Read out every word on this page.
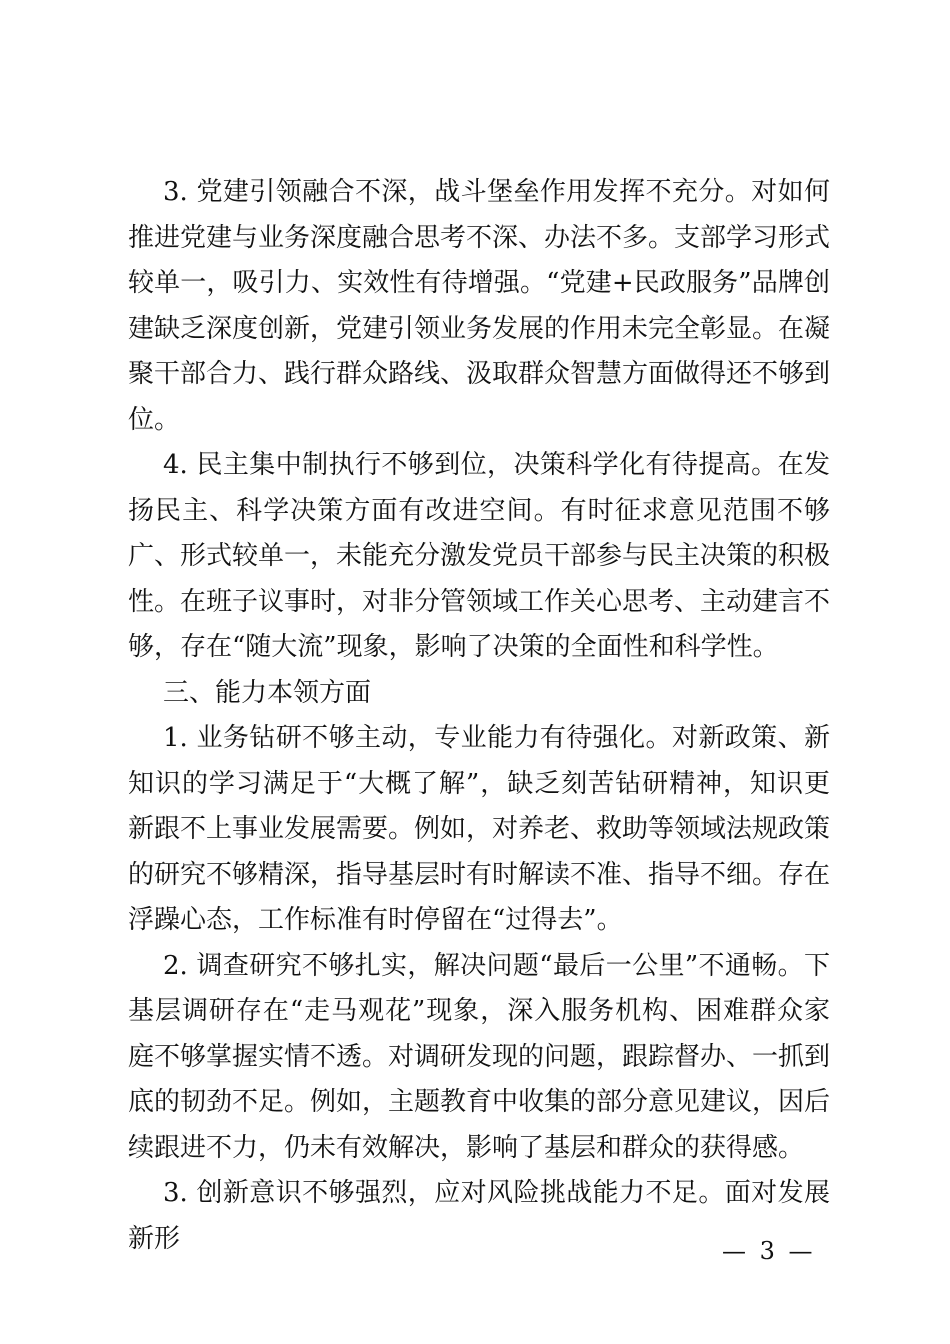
3. 党建引领融合不深，战斗堡垒作用发挥不充分。对如何推进党建与业务深度融合思考不深、办法不多。支部学习形式较单一，吸引力、实效性有待增强。“党建+民政服务”品牌创建缺乏深度创新，党建引领业务发展的作用未完全彰显。在凝聚干部合力、践行群众路线、汲取群众智慧方面做得还不够到位。

4. 民主集中制执行不够到位，决策科学化有待提高。在发扬民主、科学决策方面有改进空间。有时征求意见范围不够广、形式较单一，未能充分激发党员干部参与民主决策的积极性。在班子议事时，对非分管领域工作关心思考、主动建言不够，存在“随大流”现象，影响了决策的全面性和科学性。

三、能力本领方面

1. 业务钻研不够主动，专业能力有待强化。对新政策、新知识的学习满足于“大概了解”，缺乏刻苦钻研精神，知识更新跟不上事业发展需要。例如，对养老、救助等领域法规政策的研究不够精深，指导基层时有时解读不准、指导不细。存在浮躁心态，工作标准有时停留在“过得去”。

2. 调查研究不够扎实，解决问题“最后一公里”不通畅。下基层调研存在“走马观花”现象，深入服务机构、困难群众家庭不够掌握实情不透。对调研发现的问题，跟踪督办、一抓到底的韧劲不足。例如，主题教育中收集的部分意见建议，因后续跟进不力，仍未有效解决，影响了基层和群众的获得感。

3. 创新意识不够强烈，应对风险挑战能力不足。面对发展新形	— 3 —
